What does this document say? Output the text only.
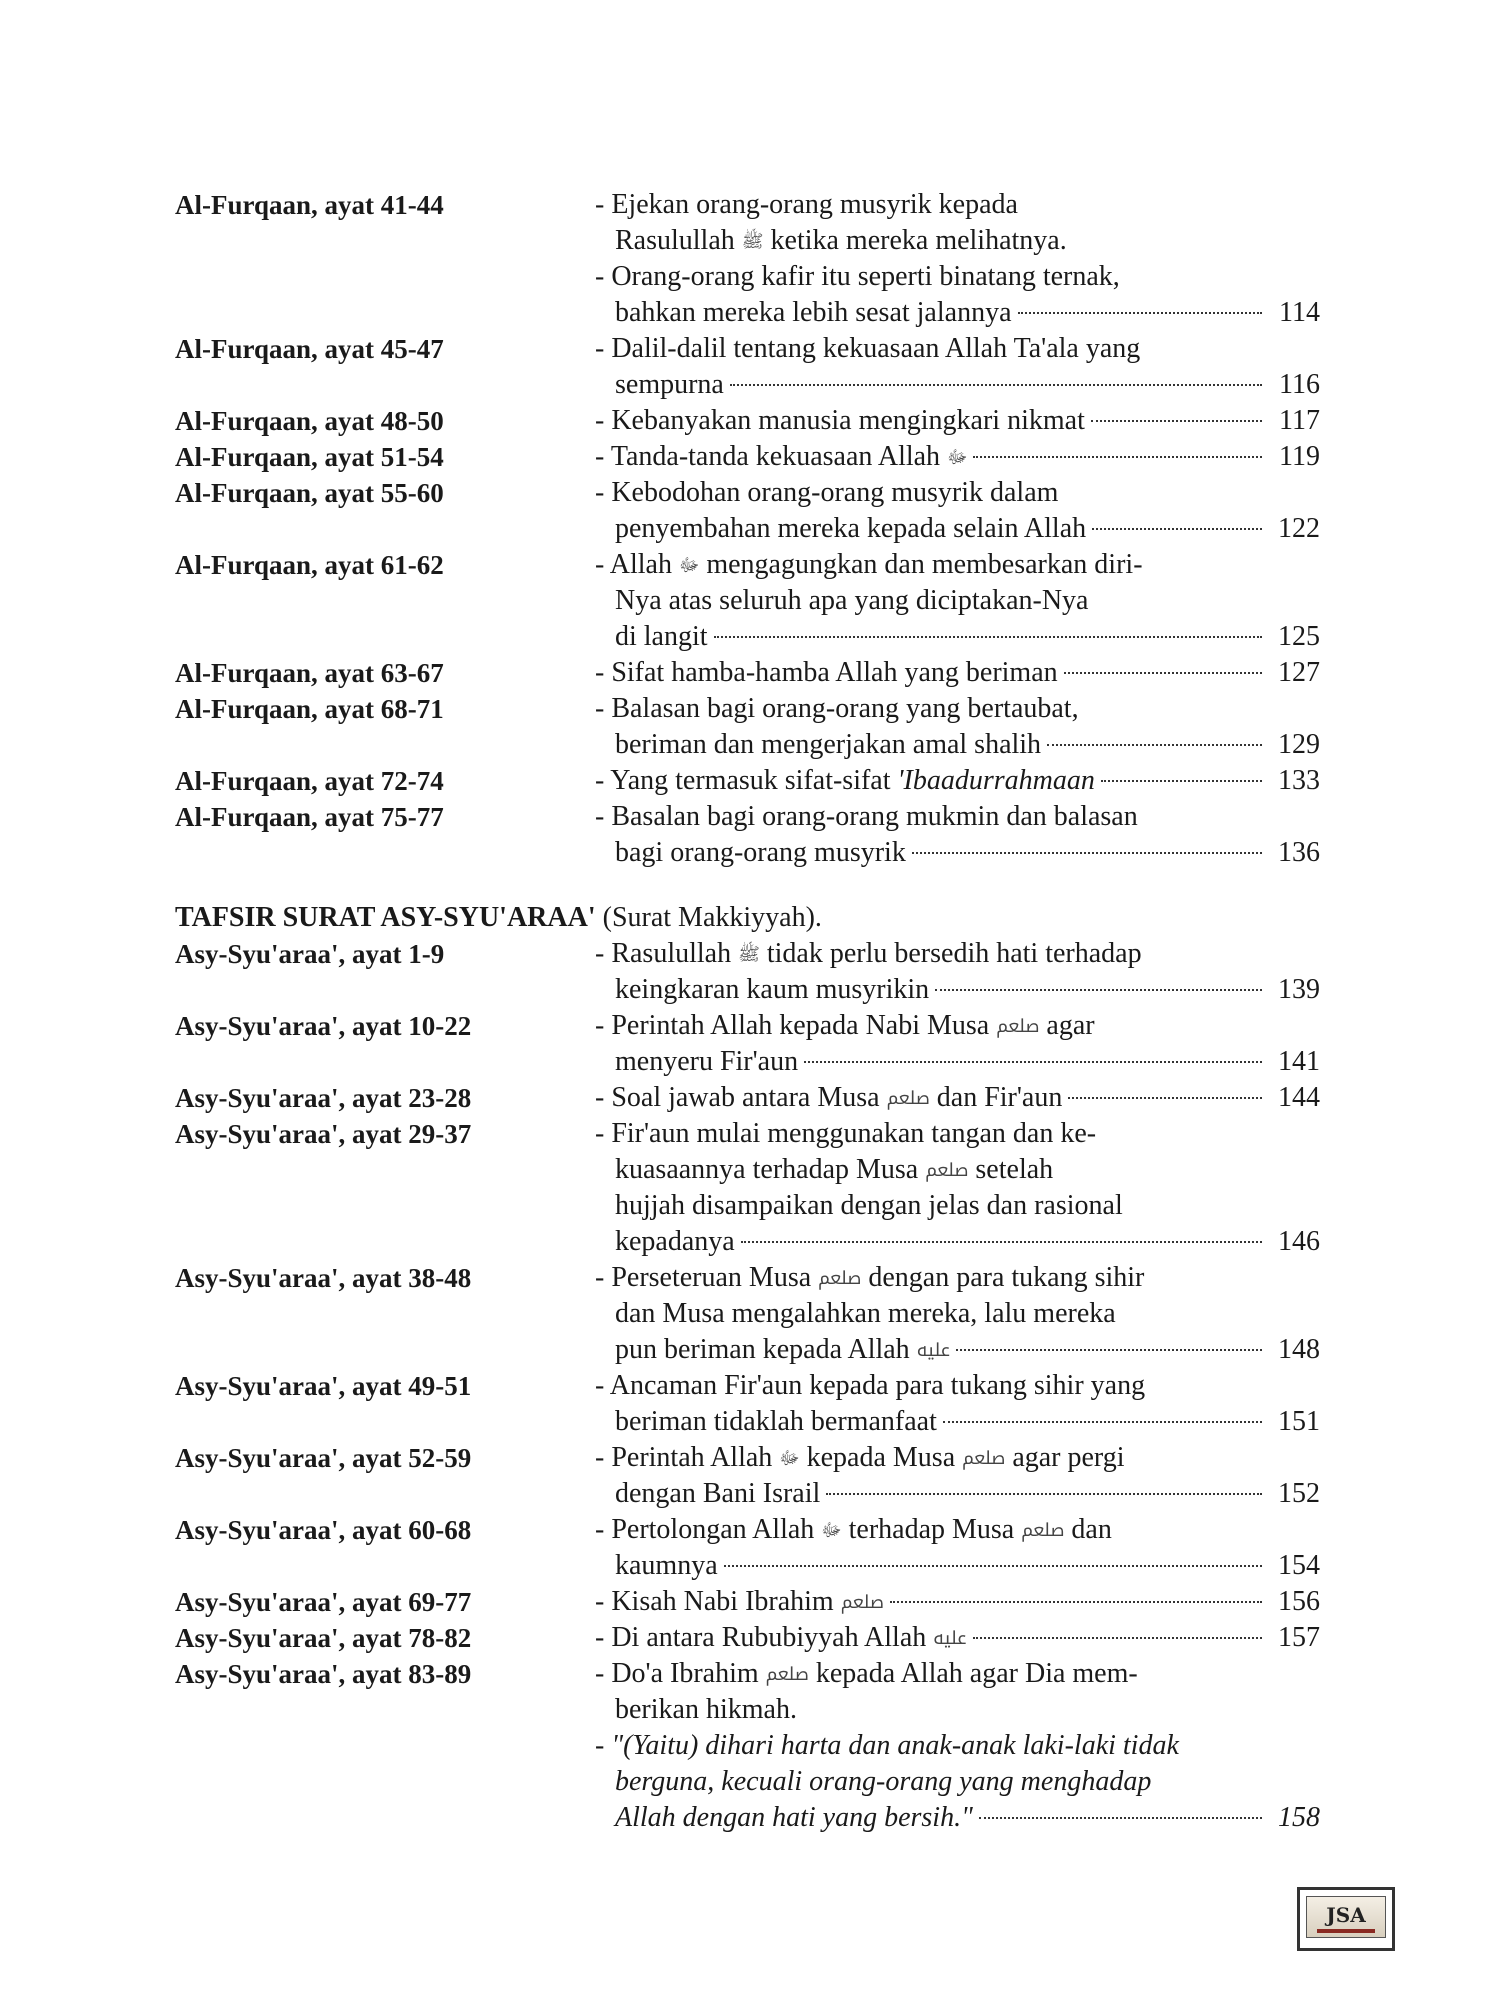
Al-Furqaan, ayat 41-44	- Ejekan orang-orang musyrik kepada
Rasulullah ﷺ ketika mereka melihatnya.
- Orang-orang kafir itu seperti binatang ternak,
bahkan mereka lebih sesat jalannya	114
Al-Furqaan, ayat 45-47	- Dalil-dalil tentang kekuasaan Allah Ta'ala yang
sempurna	116
Al-Furqaan, ayat 48-50	- Kebanyakan manusia mengingkari nikmat	117
Al-Furqaan, ayat 51-54	- Tanda-tanda kekuasaan Allah ﷻ	119
Al-Furqaan, ayat 55-60	- Kebodohan orang-orang musyrik dalam
penyembahan mereka kepada selain Allah	122
Al-Furqaan, ayat 61-62	- Allah ﷻ mengagungkan dan membesarkan diri-
Nya atas seluruh apa yang diciptakan-Nya
di langit	125
Al-Furqaan, ayat 63-67	- Sifat hamba-hamba Allah yang beriman	127
Al-Furqaan, ayat 68-71	- Balasan bagi orang-orang yang bertaubat,
beriman dan mengerjakan amal shalih	129
Al-Furqaan, ayat 72-74	- Yang termasuk sifat-sifat 'Ibaadurrahmaan	133
Al-Furqaan, ayat 75-77	- Basalan bagi orang-orang mukmin dan balasan
bagi orang-orang musyrik	136
TAFSIR SURAT ASY-SYU'ARAA' (Surat Makkiyyah).
Asy-Syu'araa', ayat 1-9	- Rasulullah ﷺ tidak perlu bersedih hati terhadap
keingkaran kaum musyrikin	139
Asy-Syu'araa', ayat 10-22	- Perintah Allah kepada Nabi Musa ﷵ agar
menyeru Fir'aun	141
Asy-Syu'araa', ayat 23-28	- Soal jawab antara Musa ﷵ dan Fir'aun	144
Asy-Syu'araa', ayat 29-37	- Fir'aun mulai menggunakan tangan dan ke-
kuasaannya terhadap Musa ﷵ setelah
hujjah disampaikan dengan jelas dan rasional
kepadanya	146
Asy-Syu'araa', ayat 38-48	- Perseteruan Musa ﷵ dengan para tukang sihir
dan Musa mengalahkan mereka, lalu mereka
pun beriman kepada Allah ﷷ	148
Asy-Syu'araa', ayat 49-51	- Ancaman Fir'aun kepada para tukang sihir yang
beriman tidaklah bermanfaat	151
Asy-Syu'araa', ayat 52-59	- Perintah Allah ﷻ kepada Musa ﷵ agar pergi
dengan Bani Israil	152
Asy-Syu'araa', ayat 60-68	- Pertolongan Allah ﷻ terhadap Musa ﷵ dan
kaumnya	154
Asy-Syu'araa', ayat 69-77	- Kisah Nabi Ibrahim ﷵ	156
Asy-Syu'araa', ayat 78-82	- Di antara Rububiyyah Allah ﷷ	157
Asy-Syu'araa', ayat 83-89	- Do'a Ibrahim ﷵ kepada Allah agar Dia mem-
berikan hikmah.
- "(Yaitu) dihari harta dan anak-anak laki-laki tidak
berguna, kecuali orang-orang yang menghadap
Allah dengan hati yang bersih."	158
JSA
